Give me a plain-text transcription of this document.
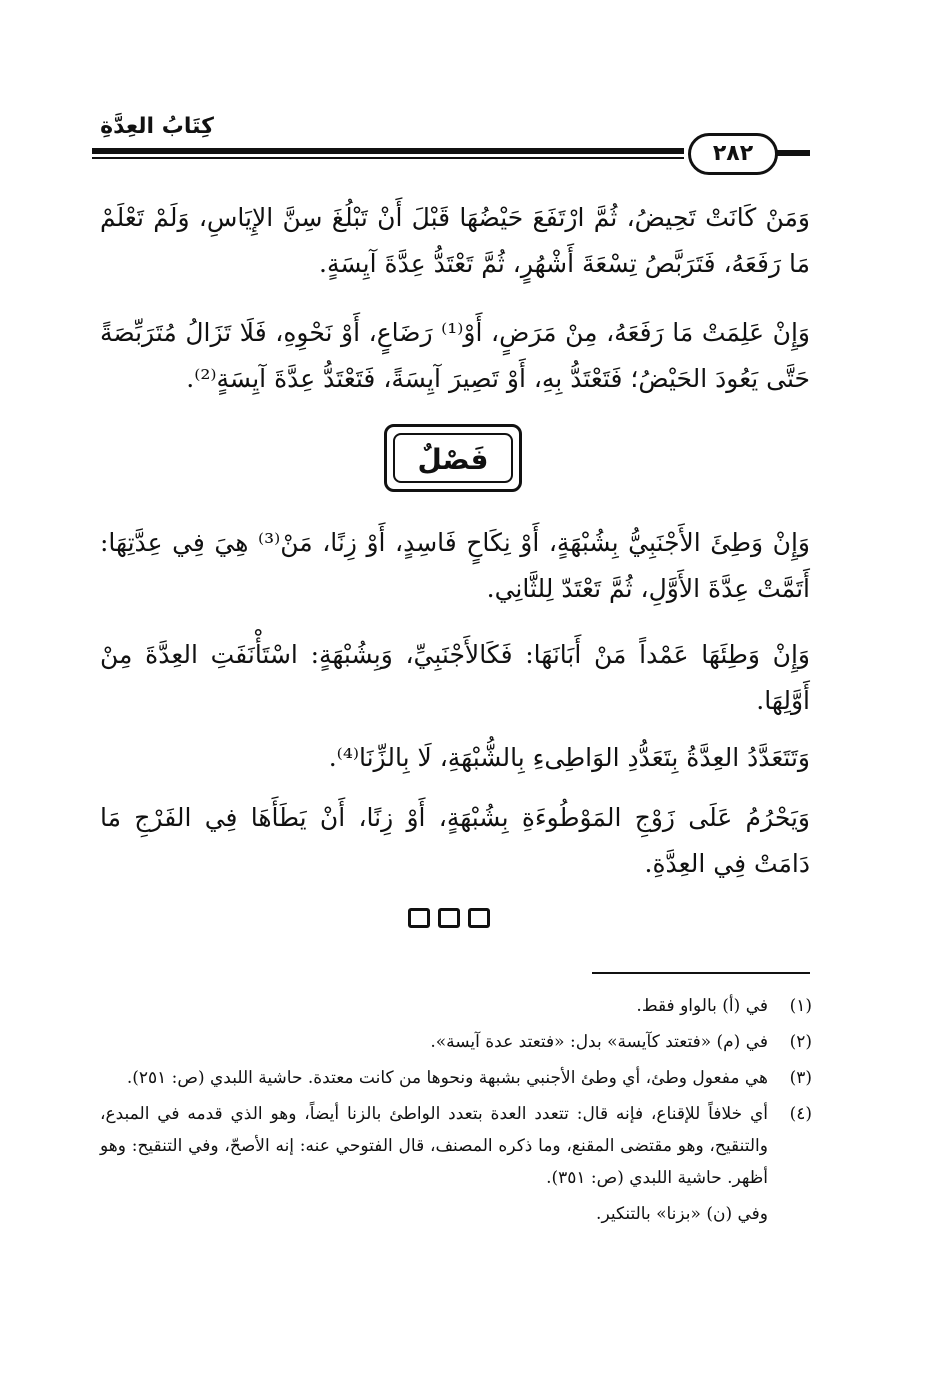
كِتَابُ العِدَّةِ
٢٨٢

وَمَنْ كَانَتْ تَحِيضُ، ثُمَّ ارْتَفَعَ حَيْضُهَا قَبْلَ أَنْ تَبْلُغَ سِنَّ الإِيَاسِ، وَلَمْ تَعْلَمْ مَا رَفَعَهُ، فَتَرَبَّصُ تِسْعَةَ أَشْهُرٍ، ثُمَّ تَعْتَدُّ عِدَّةَ آيِسَةٍ.

وَإِنْ عَلِمَتْ مَا رَفَعَهُ، مِنْ مَرَضٍ، أَوْ⁽¹⁾ رَضَاعٍ، أَوْ نَحْوِهِ، فَلَا تَزَالُ مُتَرَبِّصَةً حَتَّى يَعُودَ الحَيْضُ؛ فَتَعْتَدُّ بِهِ، أَوْ تَصِيرَ آيِسَةً، فَتَعْتَدُّ عِدَّةَ آيِسَةٍ⁽²⁾.

فَصْلٌ

وَإِنْ وَطِئَ الأَجْنَبِيُّ بِشُبْهَةٍ، أَوْ نِكَاحٍ فَاسِدٍ، أَوْ زِنًا، مَنْ⁽³⁾ هِيَ فِي عِدَّتِهَا: أَتَمَّتْ عِدَّةَ الأَوَّلِ، ثُمَّ تَعْتَدّ لِلثَّانِي.

وَإِنْ وَطِئَهَا عَمْداً مَنْ أَبَانَهَا: فَكَالأَجْنَبِيِّ، وَبِشُبْهَةٍ: اسْتَأْنَفَتِ العِدَّةَ مِنْ أَوَّلِهَا.

وَتَتَعَدَّدُ العِدَّةُ بِتَعَدُّدِ الوَاطِىءِ بِالشُّبْهَةِ، لَا بِالزِّنَا⁽⁴⁾.

وَيَحْرُمُ عَلَى زَوْجِ المَوْطُوءَةِ بِشُبْهَةٍ، أَوْ زِنًا، أَنْ يَطَأَهَا فِي الفَرْجِ مَا دَامَتْ فِي العِدَّةِ.

(١)
في (أ) بالواو فقط.
(٢)
في (م) «فتعتد كآيسة» بدل: «فتعتد عدة آيسة».
(٣)
هي مفعول وطئ، أي وطئ الأجنبي بشبهة ونحوها من كانت معتدة. حاشية اللبدي (ص: ٢٥١).
(٤)
أي خلافاً للإقناع، فإنه قال: تتعدد العدة بتعدد الواطئ بالزنا أيضاً، وهو الذي قدمه في المبدع، والتنقيح، وهو مقتضى المقنع، وما ذكره المصنف، قال الفتوحي عنه: إنه الأصحّ، وفي التنقيح: وهو أظهر. حاشية اللبدي (ص: ٣٥١).
وفي (ن) «بزنا» بالتنكير.
